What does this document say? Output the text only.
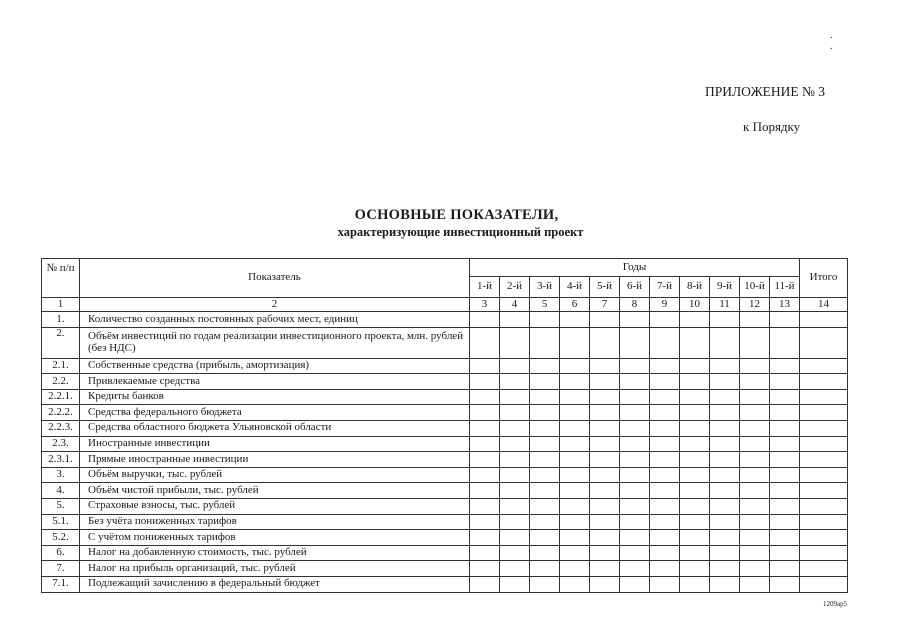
. .
ПРИЛОЖЕНИЕ № 3
к Порядку
ОСНОВНЫЕ ПОКАЗАТЕЛИ,
характеризующие инвестиционный проект
№ п/п	Показатель	Годы											Итого
		1-й	2-й	3-й	4-й	5-й	6-й	7-й	8-й	9-й	10-й	11-й	
1	2	3	4	5	6	7	8	9	10	11	12	13	14
1.	Количество созданных постоянных рабочих мест, единиц												
2.	Объём инвестиций по годам реализации инвестиционного проекта, млн. рублей (без НДС)												
2.1.	Собственные средства (прибыль, амортизация)												
2.2.	Привлекаемые средства												
2.2.1.	Кредиты банков												
2.2.2.	Средства федерального бюджета												
2.2.3.	Средства областного бюджета Ульяновской области												
2.3.	Иностранные инвестиции												
2.3.1.	Прямые иностранные инвестиции												
3.	Объём выручки, тыс. рублей												
4.	Объём чистой прибыли, тыс. рублей												
5.	Страховые взносы, тыс. рублей												
5.1.	Без учёта пониженных тарифов												
5.2.	С учётом пониженных тарифов												
6.	Налог на добавленную стоимость, тыс. рублей												
7.	Налог на прибыль организаций, тыс. рублей												
7.1.	Подлежащий зачислению в федеральный бюджет												
1209ap5
